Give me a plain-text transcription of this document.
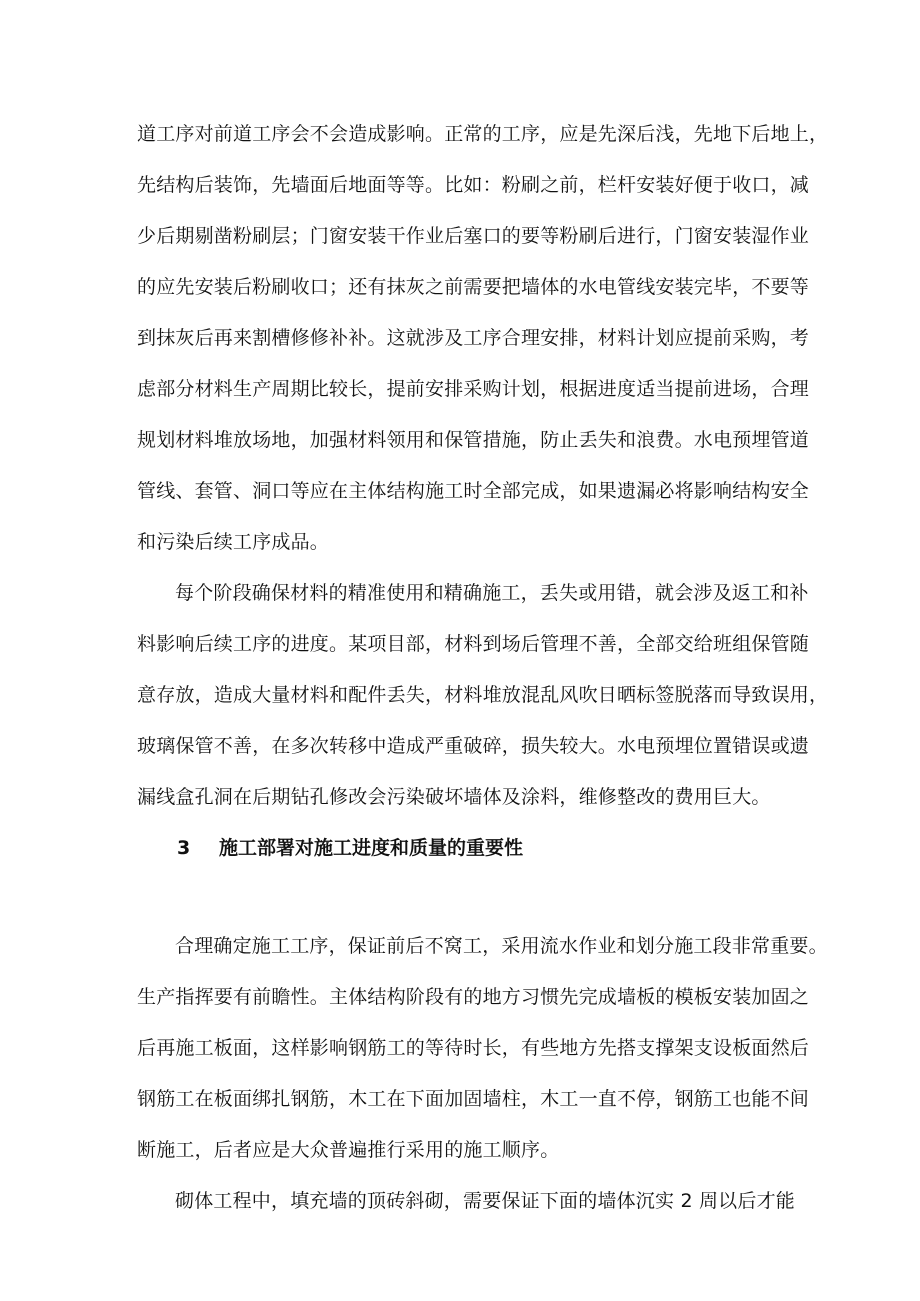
道工序对前道工序会不会造成影响。正常的工序，应是先深后浅，先地下后地上，
先结构后装饰，先墙面后地面等等。比如：粉刷之前，栏杆安装好便于收口，减
少后期剔凿粉刷层；门窗安装干作业后塞口的要等粉刷后进行，门窗安装湿作业
的应先安装后粉刷收口；还有抹灰之前需要把墙体的水电管线安装完毕，不要等
到抹灰后再来割槽修修补补。这就涉及工序合理安排，材料计划应提前采购，考
虑部分材料生产周期比较长，提前安排采购计划，根据进度适当提前进场，合理
规划材料堆放场地，加强材料领用和保管措施，防止丢失和浪费。水电预埋管道
管线、套管、洞口等应在主体结构施工时全部完成，如果遗漏必将影响结构安全
和污染后续工序成品。
每个阶段确保材料的精准使用和精确施工，丢失或用错，就会涉及返工和补
料影响后续工序的进度。某项目部，材料到场后管理不善，全部交给班组保管随
意存放，造成大量材料和配件丢失，材料堆放混乱风吹日晒标签脱落而导致误用，
玻璃保管不善，在多次转移中造成严重破碎，损失较大。水电预埋位置错误或遗
漏线盒孔洞在后期钻孔修改会污染破坏墙体及涂料，维修整改的费用巨大。
3 施工部署对施工进度和质量的重要性
合理确定施工工序，保证前后不窝工，采用流水作业和划分施工段非常重要。
生产指挥要有前瞻性。主体结构阶段有的地方习惯先完成墙板的模板安装加固之
后再施工板面，这样影响钢筋工的等待时长，有些地方先搭支撑架支设板面然后
钢筋工在板面绑扎钢筋，木工在下面加固墙柱，木工一直不停，钢筋工也能不间
断施工，后者应是大众普遍推行采用的施工顺序。
砌体工程中，填充墙的顶砖斜砌，需要保证下面的墙体沉实 2 周以后才能
